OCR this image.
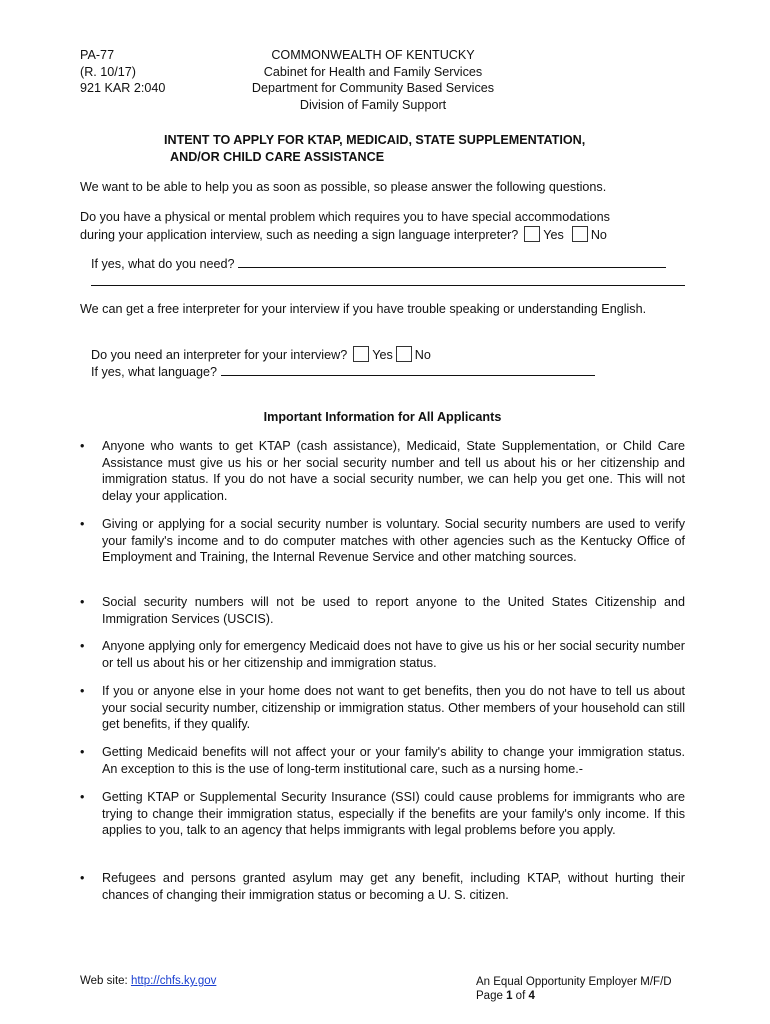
PA-77
(R. 10/17)
921 KAR 2:040
COMMONWEALTH OF KENTUCKY
Cabinet for Health and Family Services
Department for Community Based Services
Division of Family Support
INTENT TO APPLY FOR KTAP, MEDICAID, STATE SUPPLEMENTATION,
AND/OR CHILD CARE ASSISTANCE
We want to be able to help you as soon as possible, so please answer the following questions.
Do you have a physical or mental problem which requires you to have special accommodations
during your application interview, such as needing a sign language interpreter? Yes No
If yes, what do you need?
We can get a free interpreter for your interview if you have trouble speaking or understanding English.
Do you need an interpreter for your interview? Yes No
If yes, what language?
Important Information for All Applicants
•	Anyone who wants to get KTAP (cash assistance), Medicaid, State Supplementation, or Child Care Assistance must give us his or her social security number and tell us about his or her citizenship and immigration status. If you do not have a social security number, we can help you get one. This will not delay your application.
•	Giving or applying for a social security number is voluntary. Social security numbers are used to verify your family's income and to do computer matches with other agencies such as the Kentucky Office of Employment and Training, the Internal Revenue Service and other matching sources.
•	Social security numbers will not be used to report anyone to the United States Citizenship and Immigration Services (USCIS).
•	Anyone applying only for emergency Medicaid does not have to give us his or her social security number or tell us about his or her citizenship and immigration status.
•	If you or anyone else in your home does not want to get benefits, then you do not have to tell us about your social security number, citizenship or immigration status. Other members of your household can still get benefits, if they qualify.
•	Getting Medicaid benefits will not affect your or your family's ability to change your immigration status. An exception to this is the use of long-term institutional care, such as a nursing home.-
•	Getting KTAP or Supplemental Security Insurance (SSI) could cause problems for immigrants who are trying to change their immigration status, especially if the benefits are your family's only income. If this applies to you, talk to an agency that helps immigrants with legal problems before you apply.
•	Refugees and persons granted asylum may get any benefit, including KTAP, without hurting their chances of changing their immigration status or becoming a U. S. citizen.
Web site: http://chfs.ky.gov	An Equal Opportunity Employer M/F/D
Page 1 of 4
